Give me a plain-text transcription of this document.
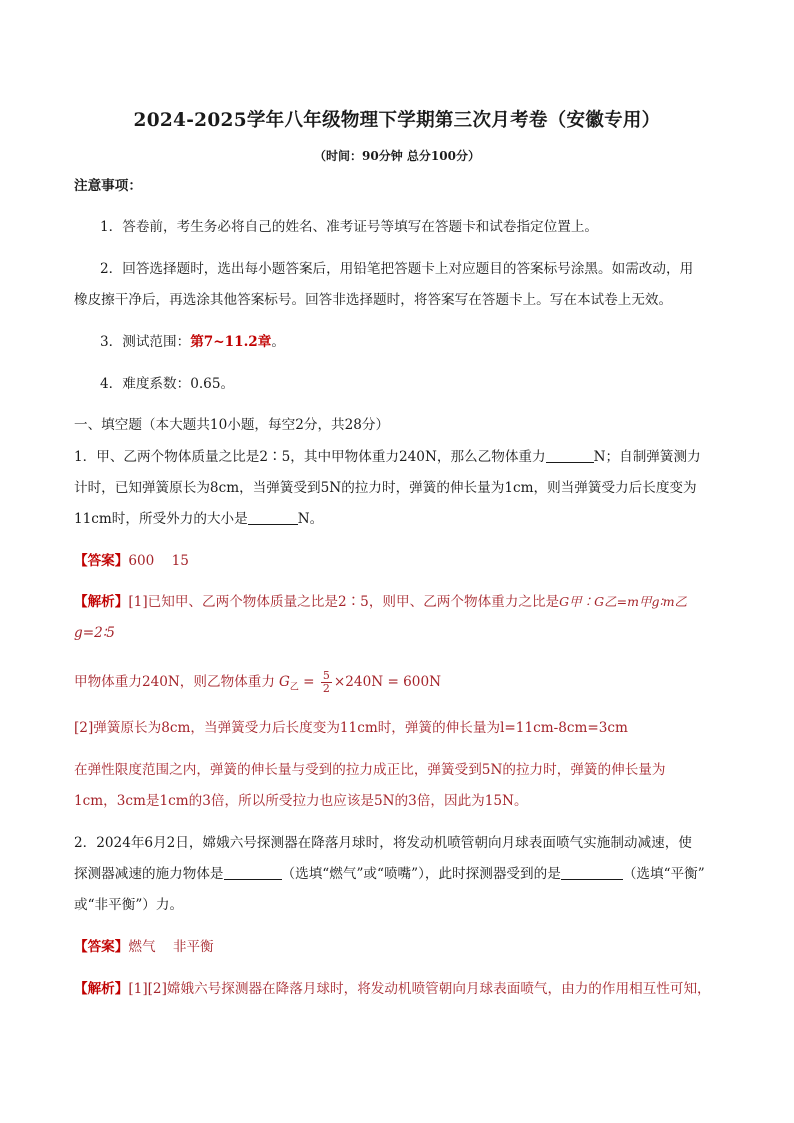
2024-2025学年八年级物理下学期第三次月考卷（安徽专用）
（时间：90分钟 总分100分）
注意事项：
1．答卷前，考生务必将自己的姓名、准考证号等填写在答题卡和试卷指定位置上。
2．回答选择题时，选出每小题答案后，用铅笔把答题卡上对应题目的答案标号涂黑。如需改动，用
橡皮擦干净后，再选涂其他答案标号。回答非选择题时，将答案写在答题卡上。写在本试卷上无效。
3．测试范围：第7~11.2章。
4．难度系数：0.65。
一、填空题（本大题共10小题，每空2分，共28分）
1．甲、乙两个物体质量之比是2∶5，其中甲物体重力240N，那么乙物体重力	N；自制弹簧测力
计时，已知弹簧原长为8cm，当弹簧受到5N的拉力时，弹簧的伸长量为1cm，则当弹簧受力后长度变为
11cm时，所受外力的大小是	N。
【答案】600    15
【解析】[1]已知甲、乙两个物体质量之比是2∶5，则甲、乙两个物体重力之比是G甲∶G乙=m甲g∶m乙
g=2∶5
甲物体重力240N，则乙物体重力 $G_乙 = \frac{5}{2} \times 240N = 600N$
[2]弹簧原长为8cm，当弹簧受力后长度变为11cm时，弹簧的伸长量为l=11cm-8cm=3cm
在弹性限度范围之内，弹簧的伸长量与受到的拉力成正比，弹簧受到5N的拉力时，弹簧的伸长量为
1cm，3cm是1cm的3倍，所以所受拉力也应该是5N的3倍，因此为15N。
2．2024年6月2日，嫦娥六号探测器在降落月球时，将发动机喷管朝向月球表面喷气实施制动减速，使
探测器减速的施力物体是	（选填“燃气”或“喷嘴”），此时探测器受到的是	（选填“平衡”
或“非平衡”）力。
【答案】燃气    非平衡
【解析】[1][2]嫦娥六号探测器在降落月球时，将发动机喷管朝向月球表面喷气，由力的作用相互性可知，
